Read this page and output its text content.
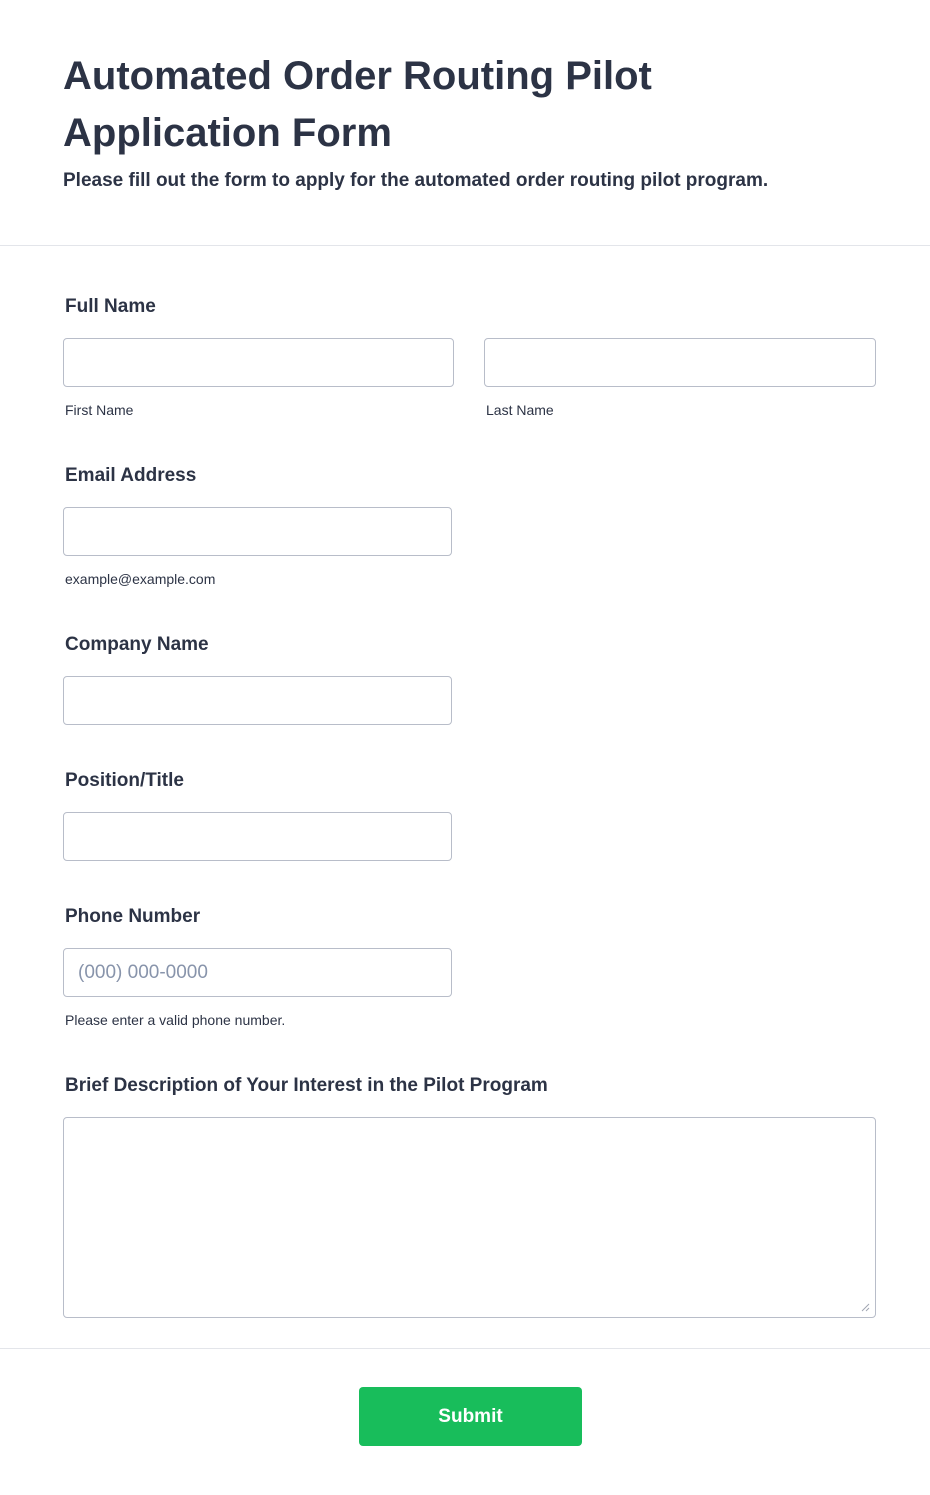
Automated Order Routing Pilot Application Form

Please fill out the form to apply for the automated order routing pilot program.

Full Name
First Name	Last Name
Email Address
example@example.com
Company Name
Position/Title
Phone Number
(000) 000-0000
Please enter a valid phone number.
Brief Description of Your Interest in the Pilot Program
Submit
